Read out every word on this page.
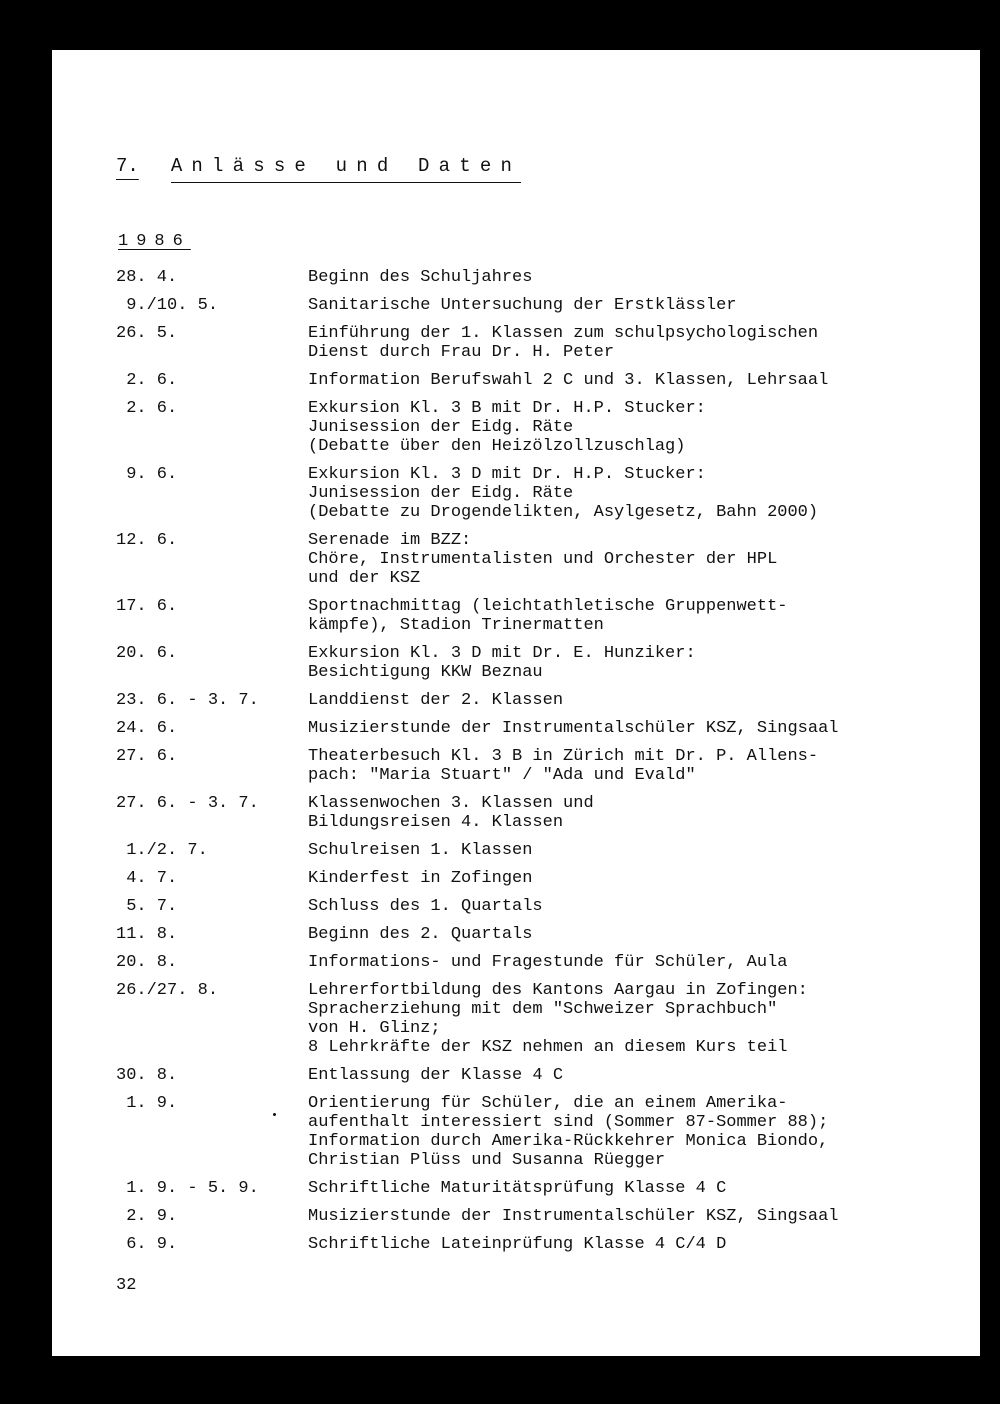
7. Anlässe und Daten
1986
28. 4.	Beginn des Schuljahres
9./10. 5.	Sanitarische Untersuchung der Erstklässler
26. 5.	Einführung der 1. Klassen zum schulpsychologischen
Dienst durch Frau Dr. H. Peter
2. 6.	Information Berufswahl 2 C und 3. Klassen, Lehrsaal
2. 6.	Exkursion Kl. 3 B mit Dr. H.P. Stucker:
Junisession der Eidg. Räte
(Debatte über den Heizölzollzuschlag)
9. 6.	Exkursion Kl. 3 D mit Dr. H.P. Stucker:
Junisession der Eidg. Räte
(Debatte zu Drogendelikten, Asylgesetz, Bahn 2000)
12. 6.	Serenade im BZZ:
Chöre, Instrumentalisten und Orchester der HPL
und der KSZ
17. 6.	Sportnachmittag (leichtathletische Gruppenwett-
kämpfe), Stadion Trinermatten
20. 6.	Exkursion Kl. 3 D mit Dr. E. Hunziker:
Besichtigung KKW Beznau
23. 6. - 3. 7.	Landdienst der 2. Klassen
24. 6.	Musizierstunde der Instrumentalschüler KSZ, Singsaal
27. 6.	Theaterbesuch Kl. 3 B in Zürich mit Dr. P. Allens-
pach: "Maria Stuart" / "Ada und Evald"
27. 6. - 3. 7.	Klassenwochen 3. Klassen und
Bildungsreisen 4. Klassen
1./2. 7.	Schulreisen 1. Klassen
4. 7.	Kinderfest in Zofingen
5. 7.	Schluss des 1. Quartals
11. 8.	Beginn des 2. Quartals
20. 8.	Informations- und Fragestunde für Schüler, Aula
26./27. 8.	Lehrerfortbildung des Kantons Aargau in Zofingen:
Spracherziehung mit dem "Schweizer Sprachbuch"
von H. Glinz;
8 Lehrkräfte der KSZ nehmen an diesem Kurs teil
30. 8.	Entlassung der Klasse 4 C
1. 9.	Orientierung für Schüler, die an einem Amerika-
aufenthalt interessiert sind (Sommer 87-Sommer 88);
Information durch Amerika-Rückkehrer Monica Biondo,
Christian Plüss und Susanna Rüegger
1. 9. - 5. 9.	Schriftliche Maturitätsprüfung Klasse 4 C
2. 9.	Musizierstunde der Instrumentalschüler KSZ, Singsaal
6. 9.	Schriftliche Lateinprüfung Klasse 4 C/4 D
32
